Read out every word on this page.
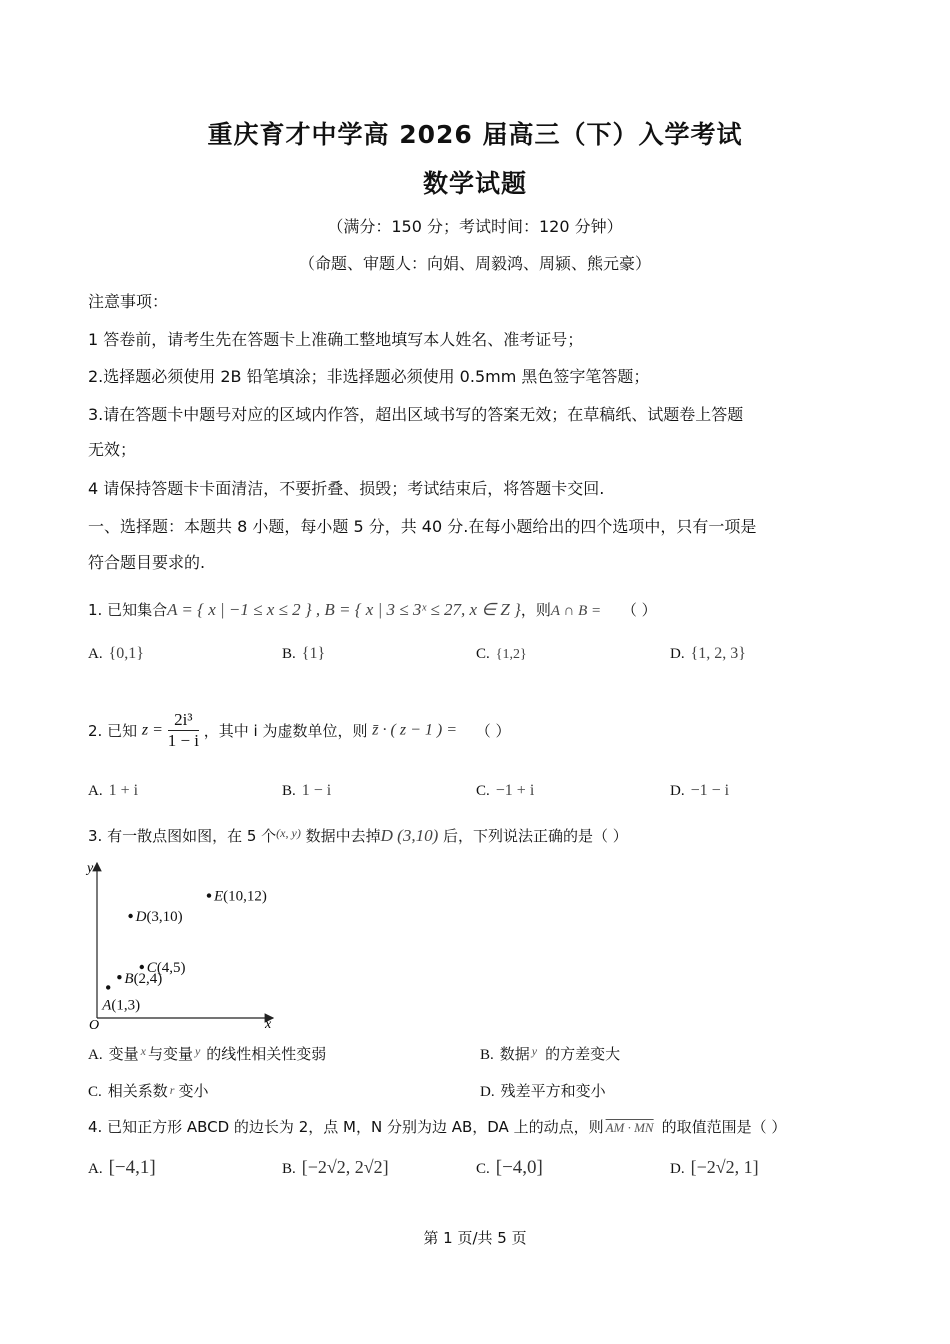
重庆育才中学高 2026 届高三（下）入学考试
数学试题
（满分：150 分；考试时间：120 分钟）
（命题、审题人：向娟、周毅鸿、周颍、熊元豪）
注意事项：
1 答卷前，请考生先在答题卡上准确工整地填写本人姓名、准考证号；
2.选择题必须使用 2B 铅笔填涂；非选择题必须使用 0.5mm 黑色签字笔答题；
3.请在答题卡中题号对应的区域内作答，超出区域书写的答案无效；在草稿纸、试题卷上答题
无效；
4 请保持答题卡卡面清洁，不要折叠、损毁；考试结束后，将答题卡交回.
一、选择题：本题共 8 小题，每小题 5 分，共 40 分.在每小题给出的四个选项中，只有一项是
符合题目要求的.
1. 已知集合A = { x | −1 ≤ x ≤ 2 } , B = { x | 3 ≤ 3ˣ ≤ 27, x ∈ Z }，则A ∩ B = （ ）
A. {0,1}	B. {1}	C. {1,2}	D. {1, 2, 3}
2. 已知 $z = \frac{\text{2i³}}{1 - i}$ ，其中 i 为虚数单位，则 z̄ · ( z − 1 ) = （ ）
A. 1 + i	B. 1 − i	C. −1 + i	D. −1 − i
3. 有一散点图如图，在 5 个$^{(x, y)}$ 数据中去掉D (3,10) 后，下列说法正确的是（ ）
O	x
y
A(1,3)
B(2,4)
C(4,5)
D(3,10)
E(10,12)
A. 变量 $^x$ 与变量 $^y$ 的线性相关性变弱	B. 数据 $^y$ 的方差变大
C. 相关系数 r 变小	D. 残差平方和变小
4. 已知正方形 ABCD 的边长为 2，点 M，N 分别为边 AB，DA 上的动点，则 AM · MN 的取值范围是（ ）
A. [−4,1]	B. [−2√2, 2√2]	C. [−4,0]	D. [−2√2, 1]
第 1 页/共 5 页
